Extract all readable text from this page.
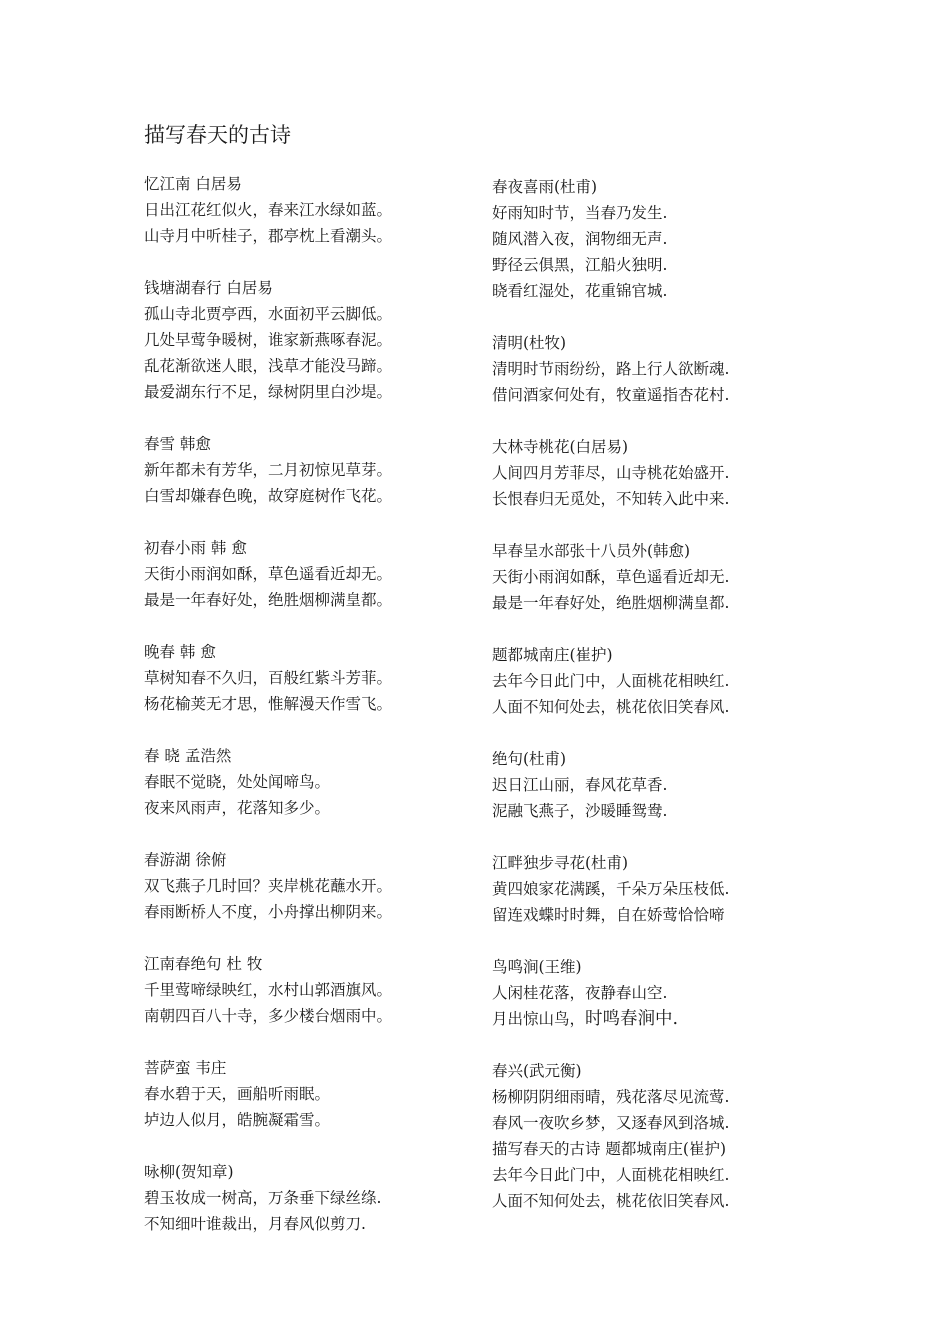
描写春天的古诗
忆江南 白居易
日出江花红似火，春来江水绿如蓝。
山寺月中听桂子，郡亭枕上看潮头。
钱塘湖春行 白居易
孤山寺北贾亭西，水面初平云脚低。
几处早莺争暖树，谁家新燕啄春泥。
乱花渐欲迷人眼，浅草才能没马蹄。
最爱湖东行不足，绿树阴里白沙堤。
春雪 韩愈
新年都未有芳华，二月初惊见草芽。
白雪却嫌春色晚，故穿庭树作飞花。
初春小雨 韩 愈
天街小雨润如酥，草色遥看近却无。
最是一年春好处，绝胜烟柳满皇都。
晚春 韩 愈
草树知春不久归，百般红紫斗芳菲。
杨花榆荚无才思，惟解漫天作雪飞。
春 晓 孟浩然
春眠不觉晓，处处闻啼鸟。
夜来风雨声，花落知多少。
春游湖 徐俯
双飞燕子几时回？夹岸桃花蘸水开。
春雨断桥人不度，小舟撑出柳阴来。
江南春绝句 杜 牧
千里莺啼绿映红，水村山郭酒旗风。
南朝四百八十寺，多少楼台烟雨中。
菩萨蛮 韦庄
春水碧于天，画船听雨眠。
垆边人似月，皓腕凝霜雪。
咏柳(贺知章)
碧玉妆成一树高，万条垂下绿丝绦.
不知细叶谁裁出，月春风似剪刀.
春夜喜雨(杜甫)
好雨知时节，当春乃发生.
随风潜入夜，润物细无声.
野径云俱黑，江船火独明.
晓看红湿处，花重锦官城.
清明(杜牧)
清明时节雨纷纷，路上行人欲断魂.
借问酒家何处有，牧童遥指杏花村.
大林寺桃花(白居易)
人间四月芳菲尽，山寺桃花始盛开.
长恨春归无觅处，不知转入此中来.
早春呈水部张十八员外(韩愈)
天街小雨润如酥，草色遥看近却无.
最是一年春好处，绝胜烟柳满皇都.
题都城南庄(崔护)
去年今日此门中，人面桃花相映红.
人面不知何处去，桃花依旧笑春风.
绝句(杜甫)
迟日江山丽，春风花草香.
泥融飞燕子，沙暖睡鸳鸯.
江畔独步寻花(杜甫)
黄四娘家花满蹊，千朵万朵压枝低.
留连戏蝶时时舞，自在娇莺恰恰啼
鸟鸣涧(王维)
人闲桂花落，夜静春山空.
月出惊山鸟，时鸣春涧中.
春兴(武元衡)
杨柳阴阴细雨晴，残花落尽见流莺.
春风一夜吹乡梦，又逐春风到洛城.
描写春天的古诗 题都城南庄(崔护)
去年今日此门中，人面桃花相映红.
人面不知何处去，桃花依旧笑春风.
